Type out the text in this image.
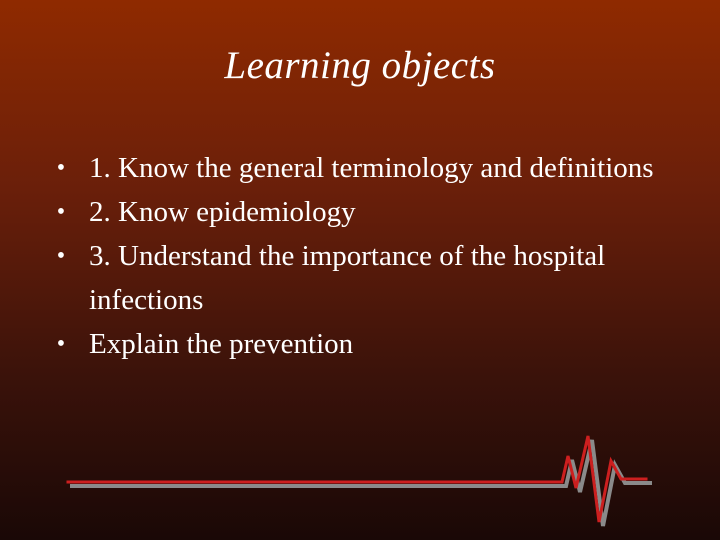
Learning objects
• 1. Know the general terminology and definitions
• 2. Know epidemiology
• 3. Understand the importance of the hospital infections
• Explain the prevention
